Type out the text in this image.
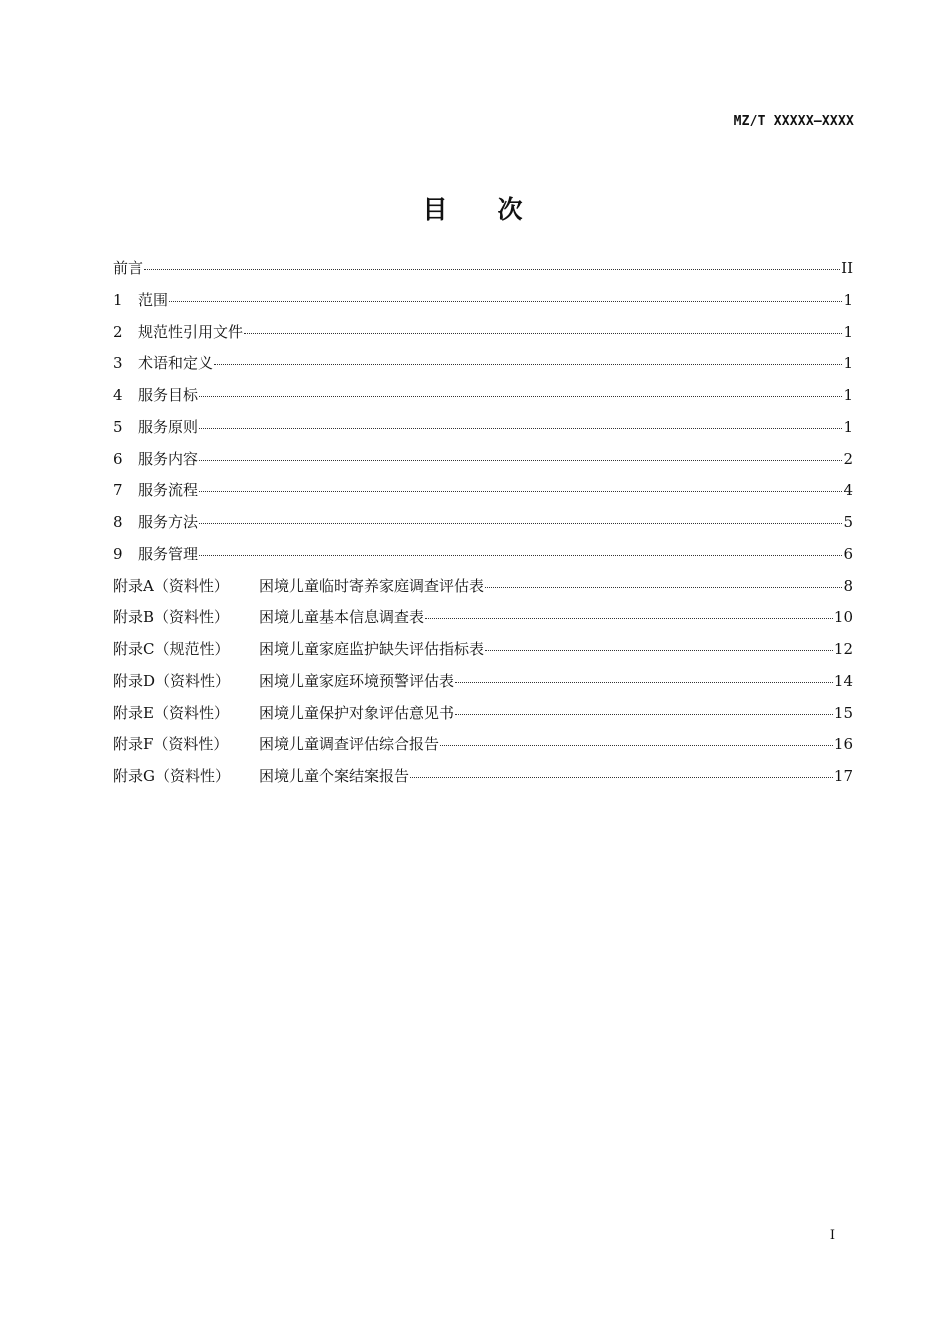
MZ/T XXXXX—XXXX
目 次
前言	II
1	范围	1
2	规范性引用文件	1
3	术语和定义	1
4	服务目标	1
5	服务原则	1
6	服务内容	2
7	服务流程	4
8	服务方法	5
9	服务管理	6
附录A（资料性）	困境儿童临时寄养家庭调查评估表	8
附录B（资料性）	困境儿童基本信息调查表	10
附录C（规范性）	困境儿童家庭监护缺失评估指标表	12
附录D（资料性）	困境儿童家庭环境预警评估表	14
附录E（资料性）	困境儿童保护对象评估意见书	15
附录F（资料性）	困境儿童调查评估综合报告	16
附录G（资料性）	困境儿童个案结案报告	17
I
